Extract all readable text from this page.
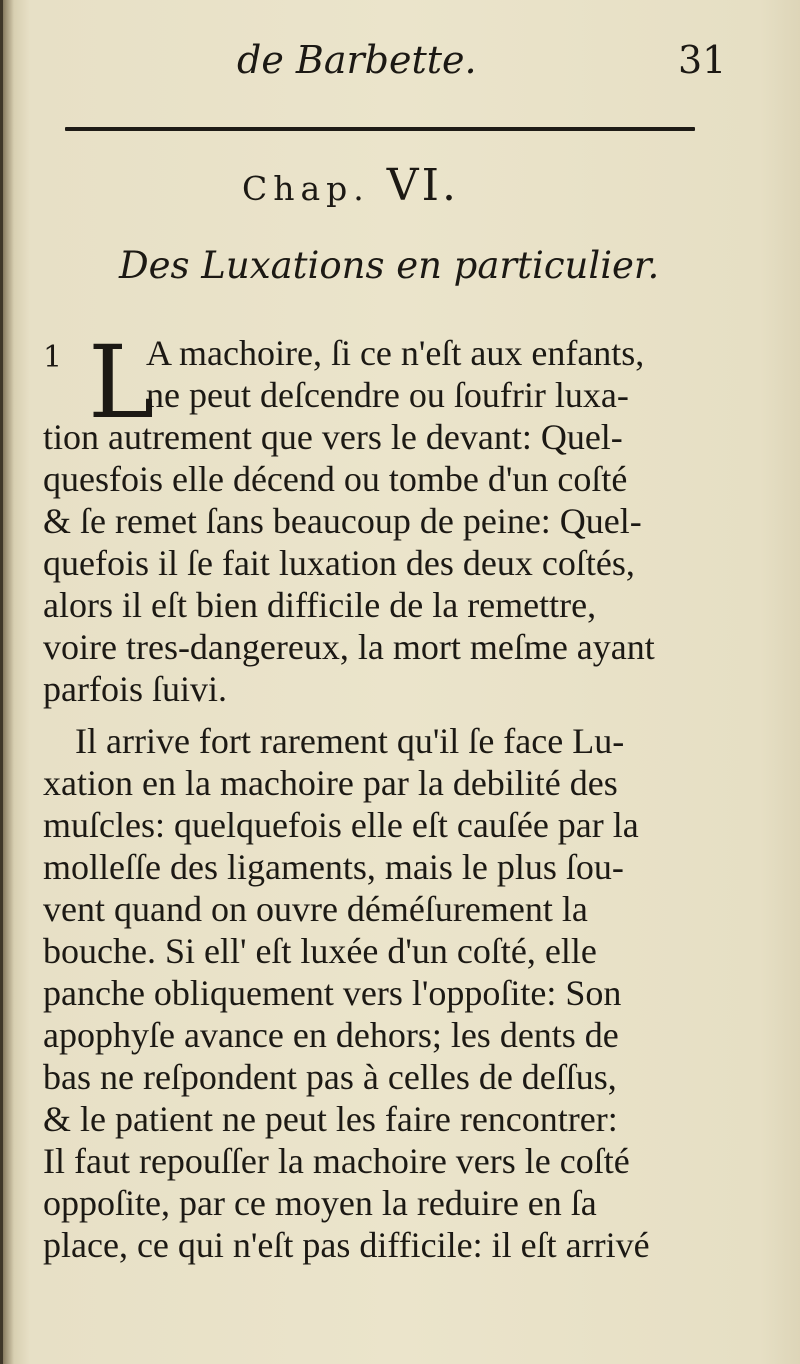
de Barbette.	31
Chap. VI.
Des Luxations en particulier.
1 L
A machoire, ſi ce n'eſt aux enfants,
ne peut deſcendre ou ſoufrir luxa-
tion autrement que vers le devant: Quel-
quesfois elle décend ou tombe d'un coſté
& ſe remet ſans beaucoup de peine: Quel-
quefois il ſe fait luxation des deux coſtés,
alors il eſt bien difficile de la remettre,
voire tres-dangereux, la mort meſme ayant
parfois ſuivi.
Il arrive fort rarement qu'il ſe face Lu-
xation en la machoire par la debilité des
muſcles: quelquefois elle eſt cauſée par la
molleſſe des ligaments, mais le plus ſou-
vent quand on ouvre déméſurement la
bouche. Si ell' eſt luxée d'un coſté, elle
panche obliquement vers l'oppoſite: Son
apophyſe avance en dehors; les dents de
bas ne reſpondent pas à celles de deſſus,
& le patient ne peut les faire rencontrer:
Il faut repouſſer la machoire vers le coſté
oppoſite, par ce moyen la reduire en ſa
place, ce qui n'eſt pas difficile: il eſt arrivé
